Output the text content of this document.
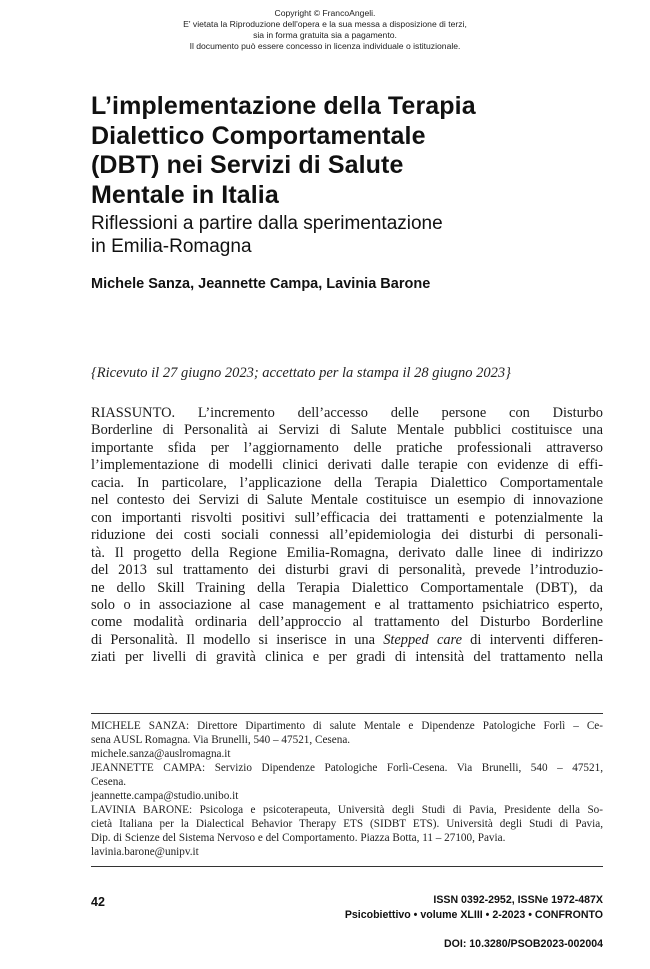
Copyright © FrancoAngeli.
E' vietata la Riproduzione dell'opera e la sua messa a disposizione di terzi,
sia in forma gratuita sia a pagamento.
Il documento può essere concesso in licenza individuale o istituzionale.
L’implementazione della Terapia
Dialettico Comportamentale
(DBT) nei Servizi di Salute
Mentale in Italia
Riflessioni a partire dalla sperimentazione
in Emilia-Romagna
Michele Sanza, Jeannette Campa, Lavinia Barone
{Ricevuto il 27 giugno 2023; accettato per la stampa il 28 giugno 2023}
RIASSUNTO. L’incremento dell’accesso delle persone con Disturbo
Borderline di Personalità ai Servizi di Salute Mentale pubblici costituisce una
importante sfida per l’aggiornamento delle pratiche professionali attraverso
l’implementazione di modelli clinici derivati dalle terapie con evidenze di effi-
cacia. In particolare, l’applicazione della Terapia Dialettico Comportamentale
nel contesto dei Servizi di Salute Mentale costituisce un esempio di innovazione
con importanti risvolti positivi sull’efficacia dei trattamenti e potenzialmente la
riduzione dei costi sociali connessi all’epidemiologia dei disturbi di personali-
tà. Il progetto della Regione Emilia-Romagna, derivato dalle linee di indirizzo
del 2013 sul trattamento dei disturbi gravi di personalità, prevede l’introduzio-
ne dello Skill Training della Terapia Dialettico Comportamentale (DBT), da
solo o in associazione al case management e al trattamento psichiatrico esperto,
come modalità ordinaria dell’approccio al trattamento del Disturbo Borderline
di Personalità. Il modello si inserisce in una Stepped care di interventi differen-
ziati per livelli di gravità clinica e per gradi di intensità del trattamento nella
MICHELE SANZA: Direttore Dipartimento di salute Mentale e Dipendenze Patologiche Forlì – Ce-
sena AUSL Romagna. Via Brunelli, 540 – 47521, Cesena.
michele.sanza@auslromagna.it
JEANNETTE CAMPA: Servizio Dipendenze Patologiche Forlì-Cesena. Via Brunelli, 540 – 47521,
Cesena.
jeannette.campa@studio.unibo.it
LAVINIA BARONE: Psicologa e psicoterapeuta, Università degli Studi di Pavia, Presidente della So-
cietà Italiana per la Dialectical Behavior Therapy ETS (SIDBT ETS). Università degli Studi di Pavia,
Dip. di Scienze del Sistema Nervoso e del Comportamento. Piazza Botta, 11 – 27100, Pavia.
lavinia.barone@unipv.it
42	ISSN 0392-2952, ISSNe 1972-487X
Psicobiettivo • volume XLIII • 2-2023 • CONFRONTO
DOI: 10.3280/PSOB2023-002004
